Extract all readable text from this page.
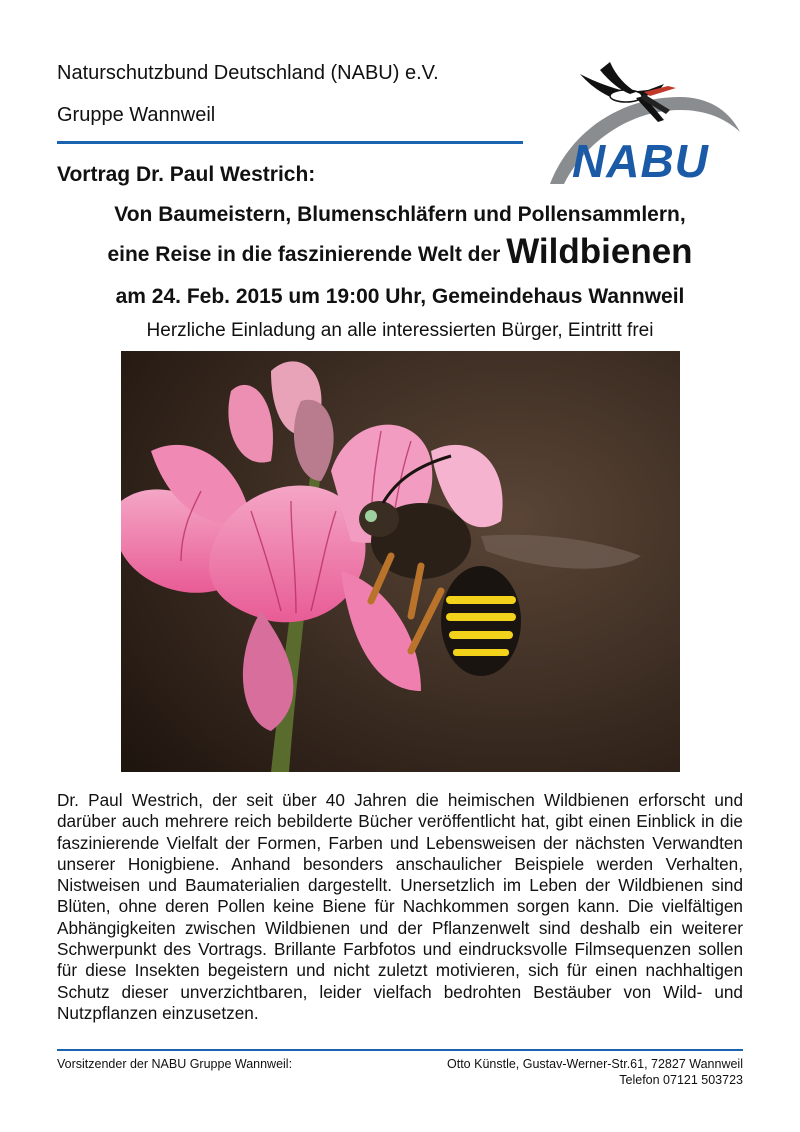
Naturschutzbund Deutschland (NABU) e.V.
Gruppe Wannweil
NABU
Vortrag Dr. Paul Westrich:
Von Baumeistern, Blumenschläfern und Pollensammlern,
eine Reise in die faszinierende Welt der Wildbienen
am 24. Feb. 2015 um 19:00 Uhr, Gemeindehaus Wannweil
Herzliche Einladung an alle interessierten Bürger, Eintritt frei
Dr. Paul Westrich, der seit über 40 Jahren die heimischen Wildbienen erforscht und darüber auch mehrere reich bebilderte Bücher veröffentlicht hat, gibt einen Einblick in die faszinierende Vielfalt der Formen, Farben und Lebensweisen der nächsten Verwandten unserer Honigbiene. Anhand besonders anschaulicher Beispiele werden Verhalten, Nistweisen und Baumaterialien dargestellt. Unersetzlich im Leben der Wildbienen sind Blüten, ohne deren Pollen keine Biene für Nachkommen sorgen kann. Die vielfältigen Abhängigkeiten zwischen Wildbienen und der Pflanzenwelt sind deshalb ein weiterer Schwerpunkt des Vortrags. Brillante Farbfotos und eindrucksvolle Filmsequenzen sollen für diese Insekten begeistern und nicht zuletzt motivieren, sich für einen nachhaltigen Schutz dieser unverzichtbaren, leider vielfach bedrohten Bestäuber von Wild- und Nutzpflanzen einzusetzen.
Vorsitzender der NABU Gruppe Wannweil:	Otto Künstle, Gustav-Werner-Str.61, 72827 Wannweil
Telefon 07121 503723
